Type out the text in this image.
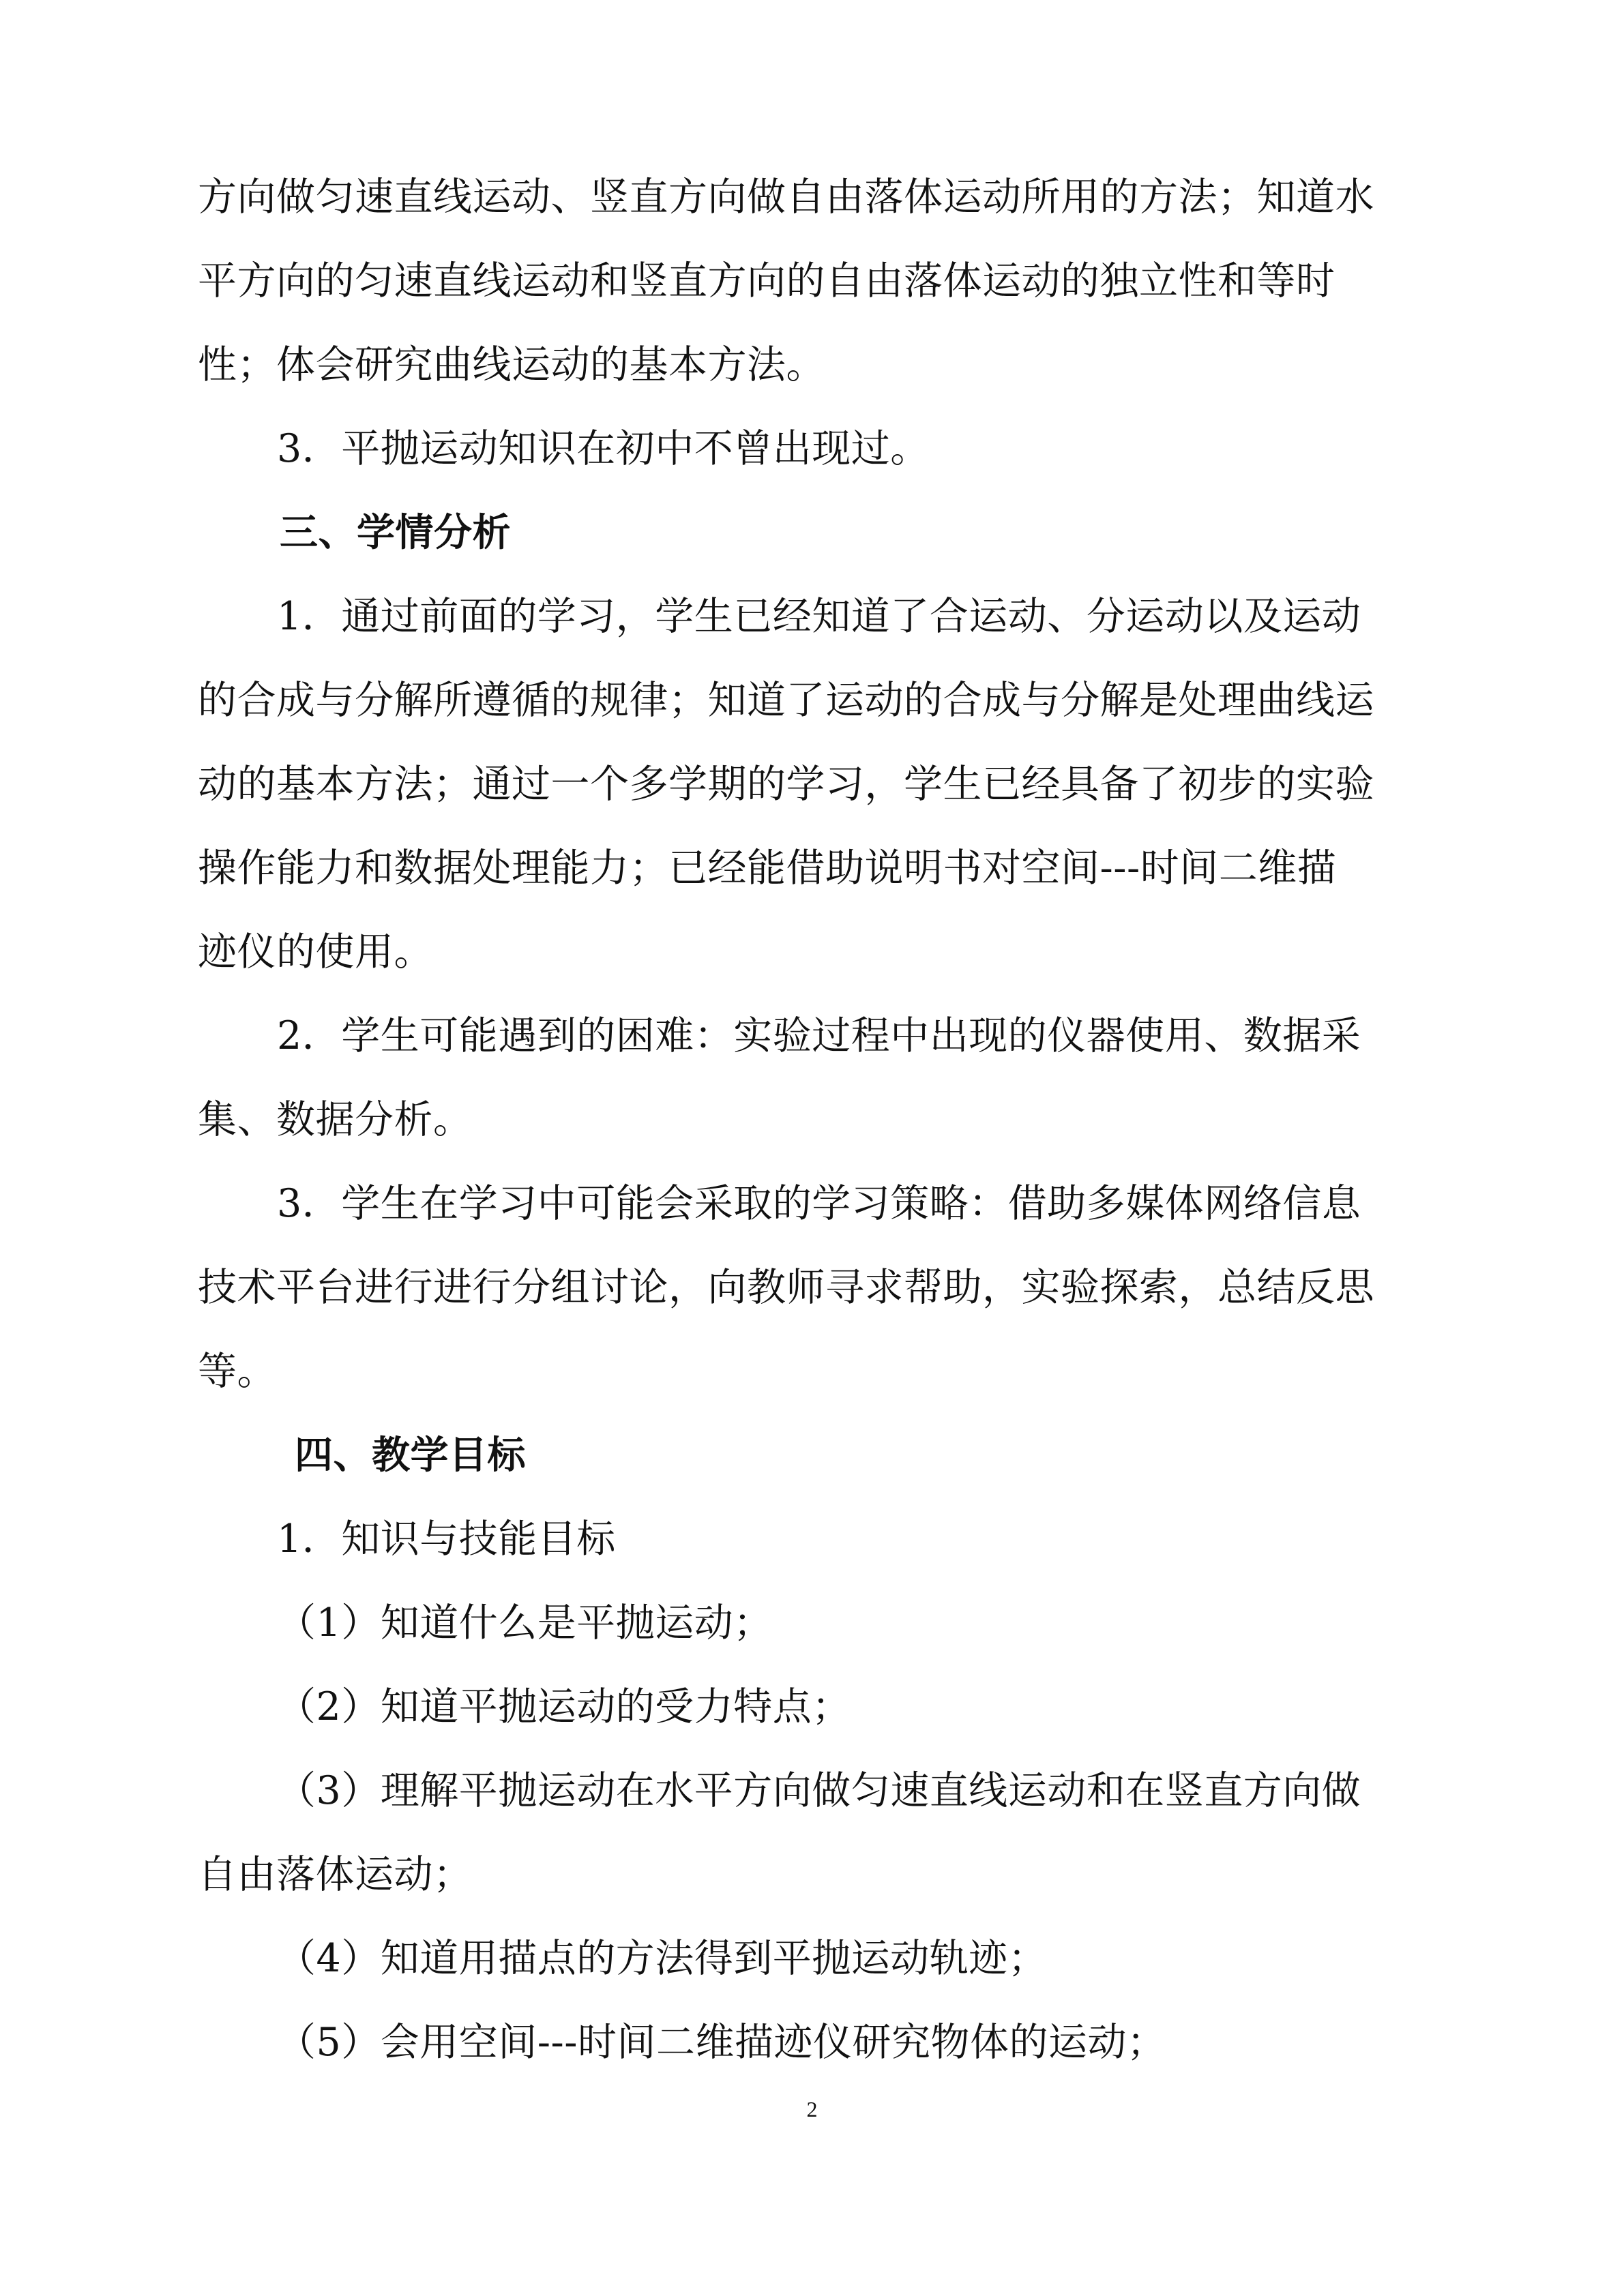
方向做匀速直线运动、竖直方向做自由落体运动所用的方法；知道水
平方向的匀速直线运动和竖直方向的自由落体运动的独立性和等时
性；体会研究曲线运动的基本方法。
3．平抛运动知识在初中不曾出现过。
三、学情分析
1．通过前面的学习，学生已经知道了合运动、分运动以及运动
的合成与分解所遵循的规律；知道了运动的合成与分解是处理曲线运
动的基本方法；通过一个多学期的学习，学生已经具备了初步的实验
操作能力和数据处理能力；已经能借助说明书对空间---时间二维描
迹仪的使用。
2．学生可能遇到的困难：实验过程中出现的仪器使用、数据采
集、数据分析。
3．学生在学习中可能会采取的学习策略：借助多媒体网络信息
技术平台进行进行分组讨论，向教师寻求帮助，实验探索，总结反思
等。
四、教学目标
1．知识与技能目标
（1）知道什么是平抛运动；
（2）知道平抛运动的受力特点；
（3）理解平抛运动在水平方向做匀速直线运动和在竖直方向做
自由落体运动；
（4）知道用描点的方法得到平抛运动轨迹；
（5）会用空间---时间二维描迹仪研究物体的运动；
2
